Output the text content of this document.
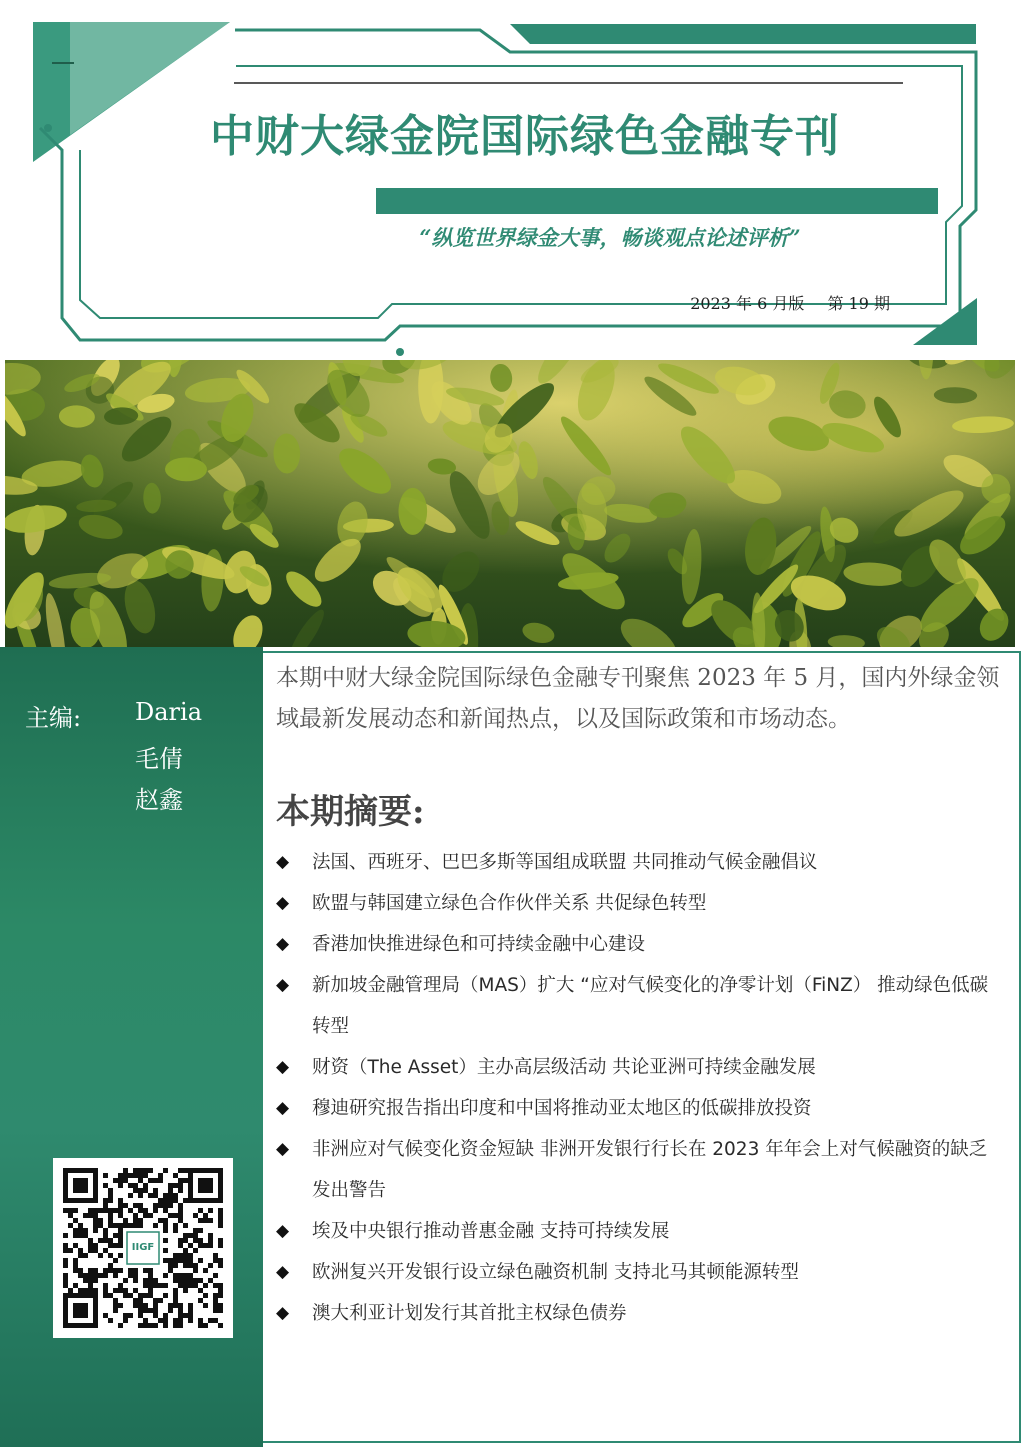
中财大绿金院国际绿色金融专刊
“纵览世界绿金大事，畅谈观点论述评析”
2023 年 6 月版 第 19 期
主编: Daria
毛倩
赵鑫
IIGF
本期中财大绿金院国际绿色金融专刊聚焦 2023 年 5 月，国内外绿金领域最新发展动态和新闻热点，以及国际政策和市场动态。
本期摘要:
◆ 法国、西班牙、巴巴多斯等国组成联盟 共同推动气候金融倡议
◆ 欧盟与韩国建立绿色合作伙伴关系 共促绿色转型
◆ 香港加快推进绿色和可持续金融中心建设
◆ 新加坡金融管理局（MAS）扩大 “应对气候变化的净零计划（FiNZ） 推动绿色低碳转型
◆ 财资（The Asset）主办高层级活动 共论亚洲可持续金融发展
◆ 穆迪研究报告指出印度和中国将推动亚太地区的低碳排放投资
◆ 非洲应对气候变化资金短缺 非洲开发银行行长在 2023 年年会上对气候融资的缺乏发出警告
◆ 埃及中央银行推动普惠金融 支持可持续发展
◆ 欧洲复兴开发银行设立绿色融资机制 支持北马其顿能源转型
◆ 澳大利亚计划发行其首批主权绿色债券
